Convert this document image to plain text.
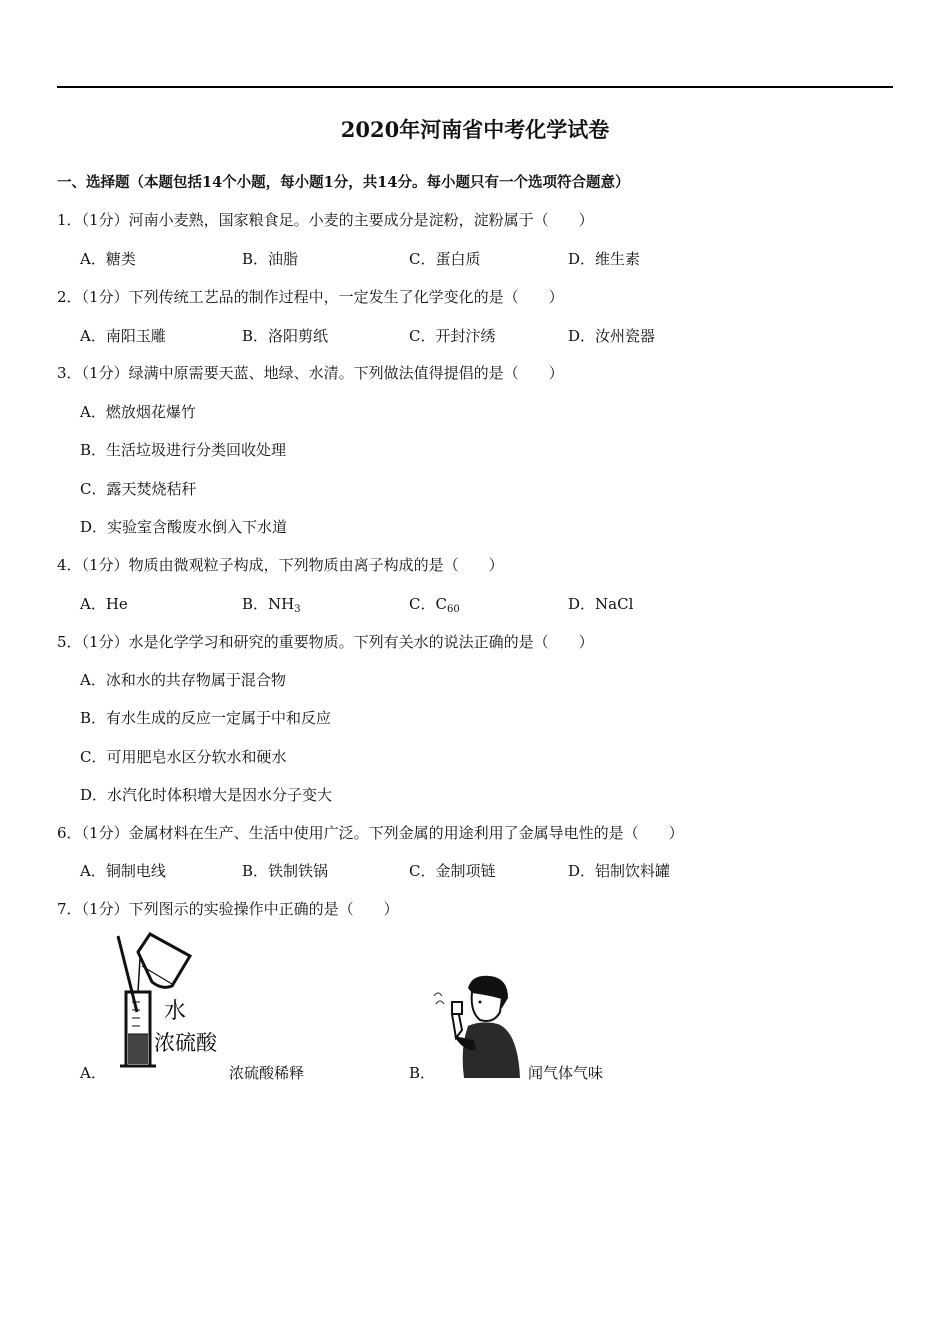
2020年河南省中考化学试卷
一、选择题（本题包括14个小题，每小题1分，共14分。每小题只有一个选项符合题意）
1．（1分）河南小麦熟，国家粮食足。小麦的主要成分是淀粉，淀粉属于（　　）
A．糖类	B．油脂	C．蛋白质	D．维生素
2．（1分）下列传统工艺品的制作过程中，一定发生了化学变化的是（　　）
A．南阳玉雕	B．洛阳剪纸	C．开封汴绣	D．汝州瓷器
3．（1分）绿满中原需要天蓝、地绿、水清。下列做法值得提倡的是（　　）
A．燃放烟花爆竹
B．生活垃圾进行分类回收处理
C．露天焚烧秸秆
D．实验室含酸废水倒入下水道
4．（1分）物质由微观粒子构成，下列物质由离子构成的是（　　）
A．He	B．$NH_3$	C．$C_{60}$	D．NaCl
5．（1分）水是化学学习和研究的重要物质。下列有关水的说法正确的是（　　）
A．冰和水的共存物属于混合物
B．有水生成的反应一定属于中和反应
C．可用肥皂水区分软水和硬水
D．水汽化时体积增大是因水分子变大
6．（1分）金属材料在生产、生活中使用广泛。下列金属的用途利用了金属导电性的是（　　）
A．铜制电线	B．铁制铁锅	C．金制项链	D．铝制饮料罐
7．（1分）下列图示的实验操作中正确的是（　　）
水
浓硫酸
A．	浓硫酸稀释	B．	闻气体气味
